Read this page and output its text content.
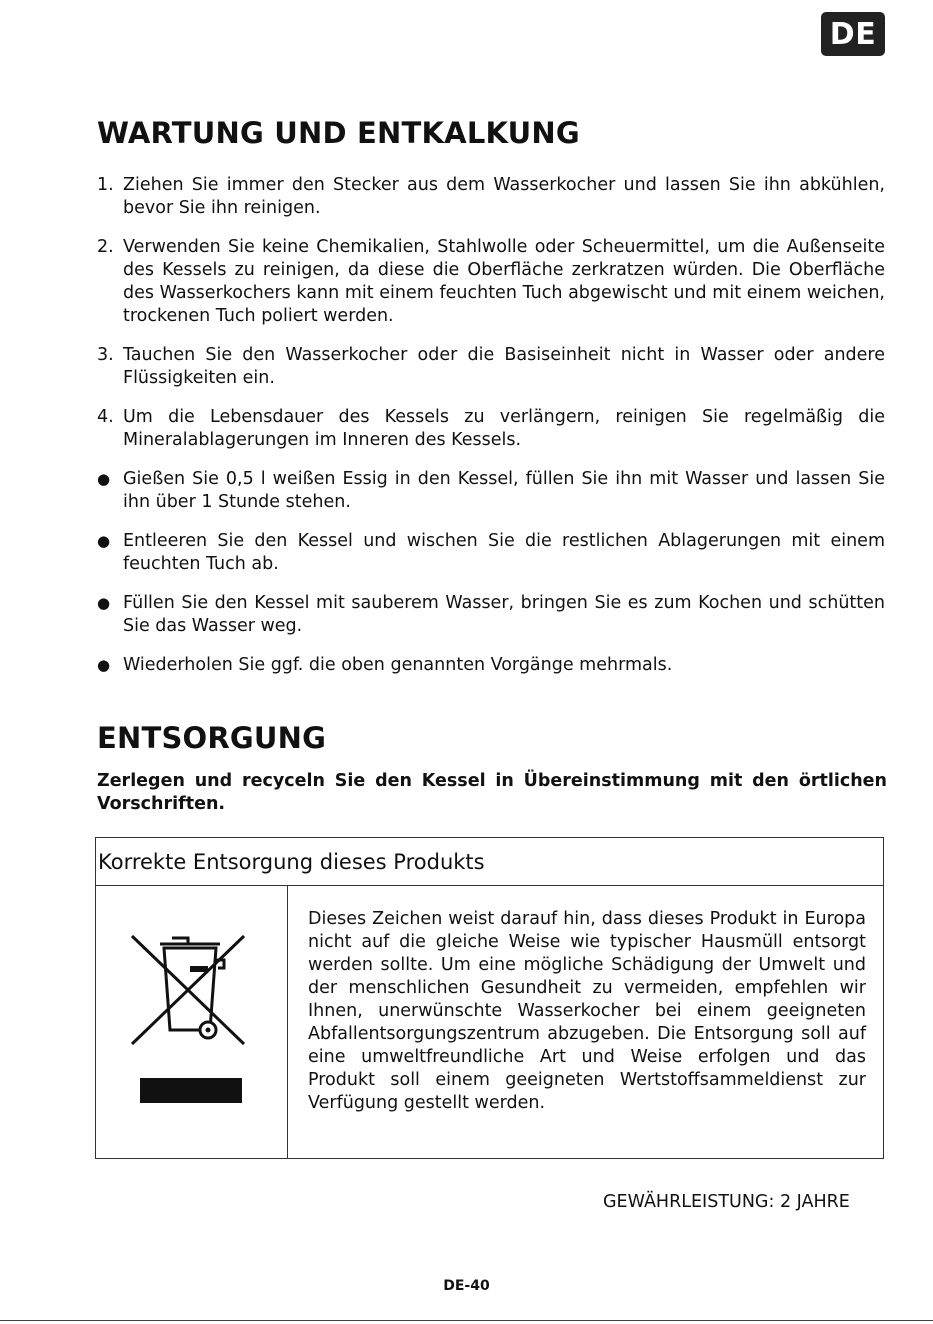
DE
WARTUNG UND ENTKALKUNG
1. Ziehen Sie immer den Stecker aus dem Wasserkocher und lassen Sie ihn abkühlen, bevor Sie ihn reinigen.
2. Verwenden Sie keine Chemikalien, Stahlwolle oder Scheuermittel, um die Außenseite des Kessels zu reinigen, da diese die Oberfläche zerkratzen würden. Die Oberfläche des Wasserkochers kann mit einem feuchten Tuch abgewischt und mit einem weichen, trockenen Tuch poliert werden.
3. Tauchen Sie den Wasserkocher oder die Basiseinheit nicht in Wasser oder andere Flüssigkeiten ein.
4. Um die Lebensdauer des Kessels zu verlängern, reinigen Sie regelmäßig die Mineralablagerungen im Inneren des Kessels.
● Gießen Sie 0,5 l weißen Essig in den Kessel, füllen Sie ihn mit Wasser und lassen Sie ihn über 1 Stunde stehen.
● Entleeren Sie den Kessel und wischen Sie die restlichen Ablagerungen mit einem feuchten Tuch ab.
● Füllen Sie den Kessel mit sauberem Wasser, bringen Sie es zum Kochen und schütten Sie das Wasser weg.
● Wiederholen Sie ggf. die oben genannten Vorgänge mehrmals.
ENTSORGUNG

Zerlegen und recyceln Sie den Kessel in Übereinstimmung mit den örtlichen Vorschriften.

Korrekte Entsorgung dieses Produkts

Dieses Zeichen weist darauf hin, dass dieses Produkt in Europa nicht auf die gleiche Weise wie typischer Hausmüll entsorgt werden sollte. Um eine mögliche Schädigung der Umwelt und der menschlichen Gesundheit zu vermeiden, empfehlen wir Ihnen, unerwünschte Wasserkocher bei einem geeigneten Abfallentsorgungszentrum abzugeben. Die Entsorgung soll auf eine umweltfreundliche Art und Weise erfolgen und das Produkt soll einem geeigneten Wertstoffsammeldienst zur Verfügung gestellt werden.

GEWÄHRLEISTUNG: 2 JAHRE

DE-40
